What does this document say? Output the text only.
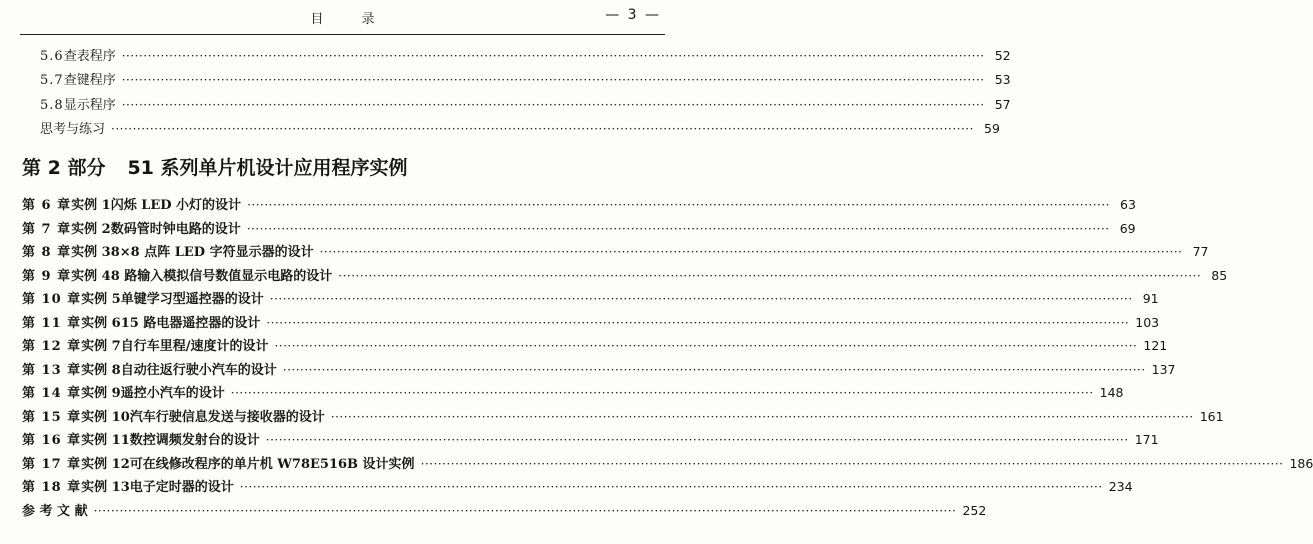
目录	— 3 —
5.6 查表程序 ········································································································································································································ 52
5.7 查键程序 ········································································································································································································ 53
5.8 显示程序 ········································································································································································································ 57
思考与练习 ········································································································································································································ 59
第 6 章 实例 1 闪烁 LED 小灯的设计 ········································································································································································································ 63
第 7 章 实例 2 数码管时钟电路的设计 ········································································································································································································ 69
第 8 章 实例 3 8×8 点阵 LED 字符显示器的设计 ········································································································································································································ 77
第 9 章 实例 4 8 路输入模拟信号数值显示电路的设计 ········································································································································································································ 85
第 10 章 实例 5 单键学习型遥控器的设计 ········································································································································································································ 91
第 11 章 实例 6 15 路电器遥控器的设计 ········································································································································································································ 103
第 12 章 实例 7 自行车里程/速度计的设计 ········································································································································································································ 121
第 13 章 实例 8 自动往返行驶小汽车的设计 ········································································································································································································ 137
第 14 章 实例 9 遥控小汽车的设计 ········································································································································································································ 148
第 15 章 实例 10 汽车行驶信息发送与接收器的设计 ········································································································································································································ 161
第 16 章 实例 11 数控调频发射台的设计 ········································································································································································································ 171
第 17 章 实例 12 可在线修改程序的单片机 W78E516B 设计实例 ········································································································································································································ 186
第 18 章 实例 13 电子定时器的设计 ········································································································································································································ 234
参 考 文 献 ········································································································································································································ 252
第 2 部分 51 系列单片机设计应用程序实例
